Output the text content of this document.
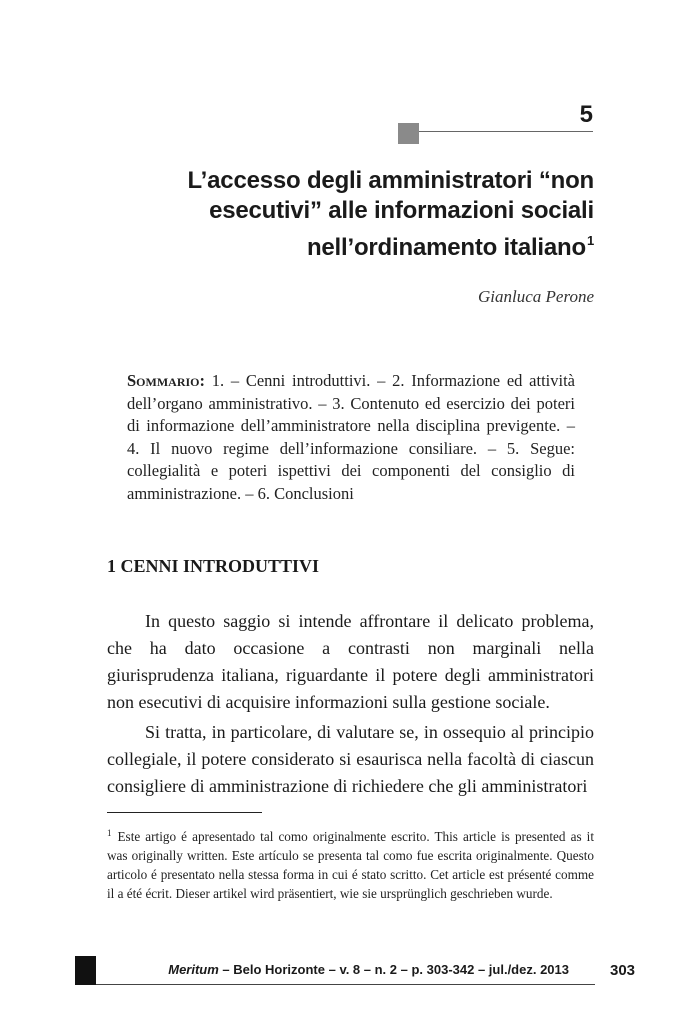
5
L’accesso degli amministratori “non
esecutivi” alle informazioni sociali
nell’ordinamento italiano$^1$
Gianluca Perone
Sommario: 1. – Cenni introduttivi. – 2. Informazione ed attività dell’organo amministrativo. – 3. Contenuto ed esercizio dei poteri di informazione dell’amministratore nella disciplina previgente. – 4. Il nuovo regime dell’informazione consiliare. – 5. Segue: collegialità e poteri ispettivi dei componenti del consiglio di amministrazione. – 6. Conclusioni
1 CENNI INTRODUTTIVI

In questo saggio si intende affrontare il delicato problema, che ha dato occasione a contrasti non marginali nella giurisprudenza italiana, riguardante il potere degli amministratori non esecutivi di acquisire informazioni sulla gestione sociale.

Si tratta, in particolare, di valutare se, in ossequio al principio collegiale, il potere considerato si esaurisca nella facoltà di ciascun consigliere di amministrazione di richiedere che gli amministratori

$^1$ Este artigo é apresentado tal como originalmente escrito. This article is presented as it was originally written. Este artículo se presenta tal como fue escrita originalmente. Questo articolo é presentato nella stessa forma in cui é stato scritto. Cet article est présenté comme il a été écrit. Dieser artikel wird präsentiert, wie sie ursprünglich geschrieben wurde.
Meritum – Belo Horizonte – v. 8 – n. 2 – p. 303-342 – jul./dez. 2013	303
